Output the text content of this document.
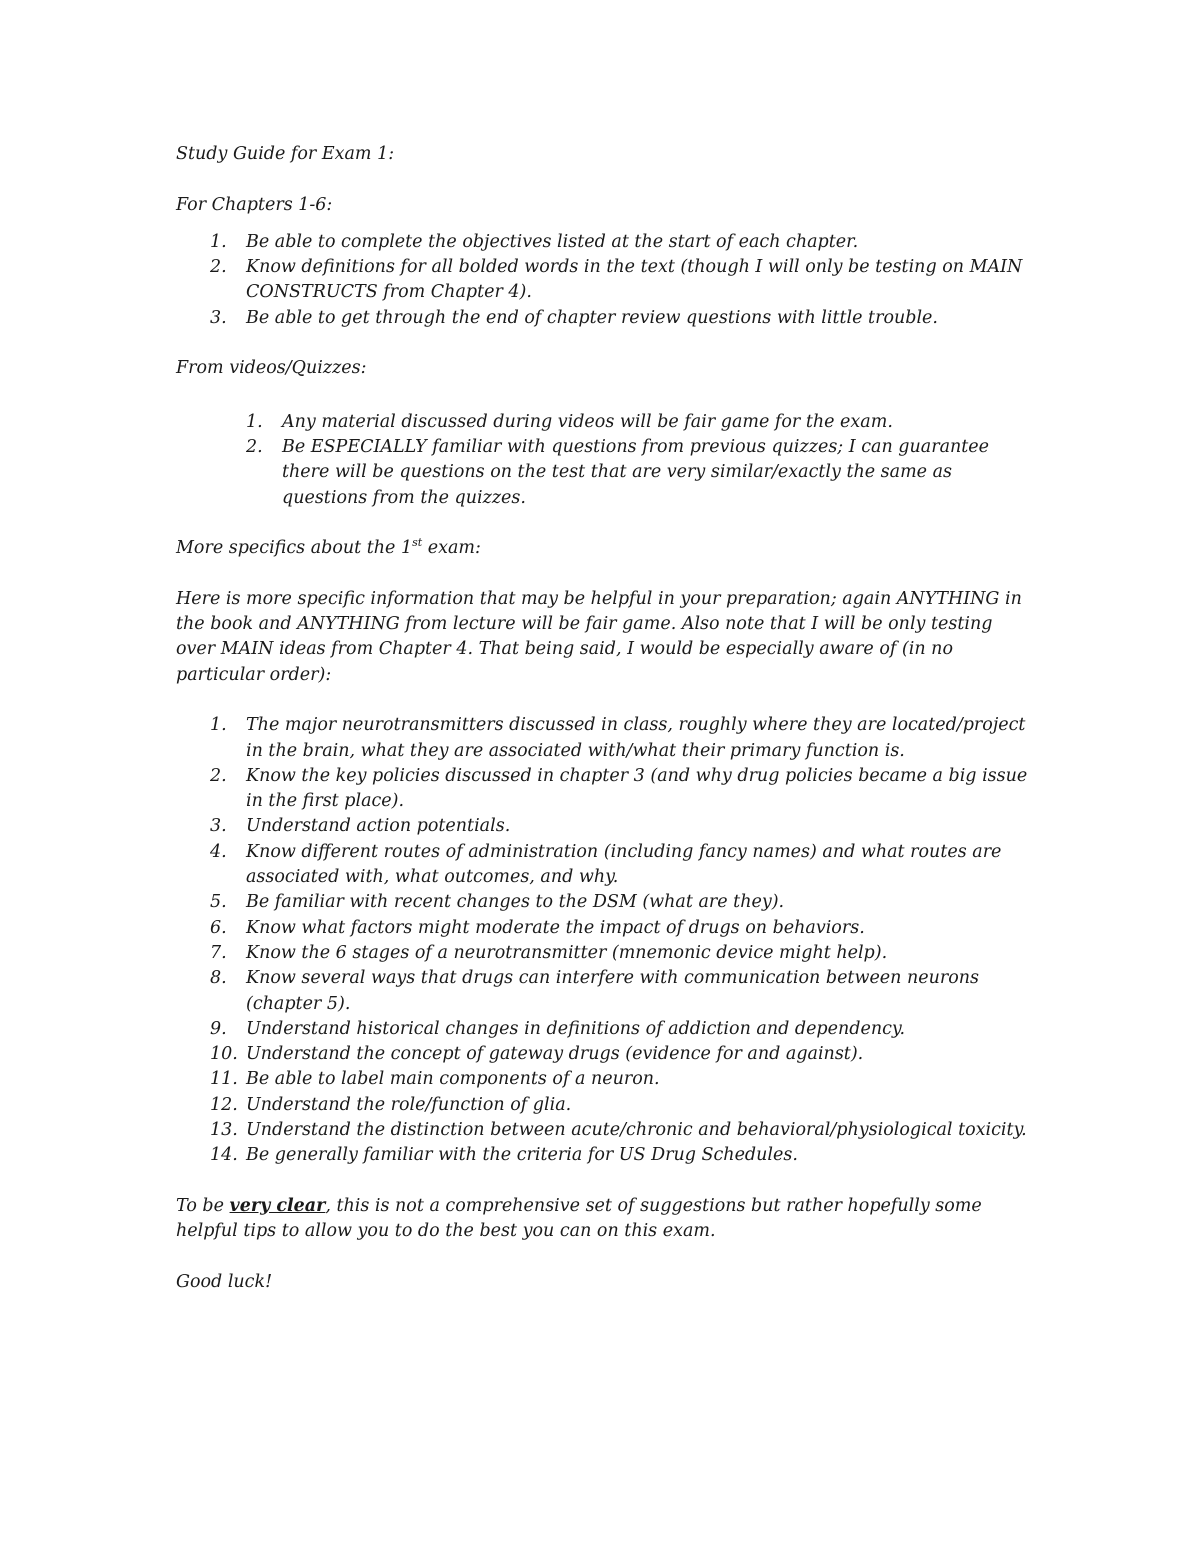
Study Guide for Exam 1:

For Chapters 1-6:

1.	Be able to complete the objectives listed at the start of each chapter.
2.	Know definitions for all bolded words in the text (though I will only be testing on MAIN CONSTRUCTS from Chapter 4).
3.	Be able to get through the end of chapter review questions with little trouble.

From videos/Quizzes:

1.	Any material discussed during videos will be fair game for the exam.
2.	Be ESPECIALLY familiar with questions from previous quizzes; I can guarantee there will be questions on the test that are very similar/exactly the same as questions from the quizzes.

More specifics about the 1st exam:

Here is more specific information that may be helpful in your preparation; again ANYTHING in the book and ANYTHING from lecture will be fair game. Also note that I will be only testing over MAIN ideas from Chapter 4. That being said, I would be especially aware of (in no particular order):

1.	The major neurotransmitters discussed in class, roughly where they are located/project in the brain, what they are associated with/what their primary function is.
2.	Know the key policies discussed in chapter 3 (and why drug policies became a big issue in the first place).
3.	Understand action potentials.
4.	Know different routes of administration (including fancy names) and what routes are associated with, what outcomes, and why.
5.	Be familiar with recent changes to the DSM (what are they).
6.	Know what factors might moderate the impact of drugs on behaviors.
7.	Know the 6 stages of a neurotransmitter (mnemonic device might help).
8.	Know several ways that drugs can interfere with communication between neurons (chapter 5).
9.	Understand historical changes in definitions of addiction and dependency.
10. Understand the concept of gateway drugs (evidence for and against).
11. Be able to label main components of a neuron.
12. Understand the role/function of glia.
13. Understand the distinction between acute/chronic and behavioral/physiological toxicity.
14. Be generally familiar with the criteria for US Drug Schedules.

To be very clear, this is not a comprehensive set of suggestions but rather hopefully some helpful tips to allow you to do the best you can on this exam.

Good luck!
